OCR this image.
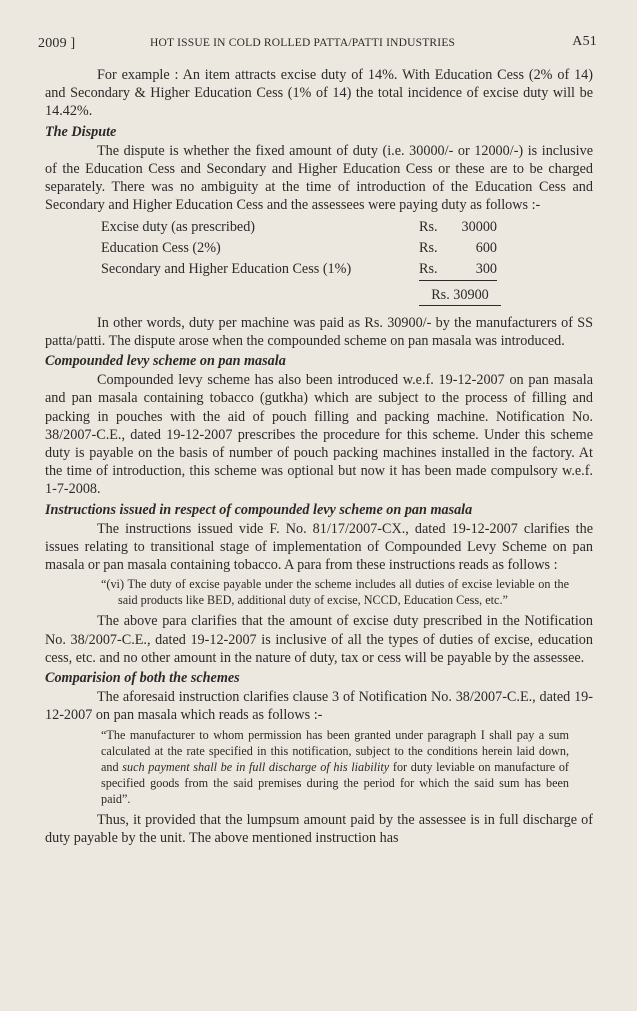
2009 ]	HOT ISSUE IN COLD ROLLED PATTA/PATTI INDUSTRIES	A51

For example : An item attracts excise duty of 14%. With Education Cess (2% of 14) and Secondary & Higher Education Cess (1% of 14) the total incidence of excise duty will be 14.42%.

The Dispute

The dispute is whether the fixed amount of duty (i.e. 30000/- or 12000/-) is inclusive of the Education Cess and Secondary and Higher Education Cess or these are to be charged separately. There was no ambiguity at the time of introduction of the Education Cess and Secondary and Higher Education Cess and the assessees were paying duty as follows :-

Excise duty (as prescribed)	Rs.	30000
Education Cess (2%)	Rs.	600
Secondary and Higher Education Cess (1%)	Rs.	300
Rs. 30900

In other words, duty per machine was paid as Rs. 30900/- by the manufacturers of SS patta/patti. The dispute arose when the compounded scheme on pan masala was introduced.

Compounded levy scheme on pan masala

Compounded levy scheme has also been introduced w.e.f. 19-12-2007 on pan masala and pan masala containing tobacco (gutkha) which are subject to the process of filling and packing in pouches with the aid of pouch filling and packing machine. Notification No. 38/2007-C.E., dated 19-12-2007 prescribes the procedure for this scheme. Under this scheme duty is payable on the basis of number of pouch packing machines installed in the factory. At the time of introduction, this scheme was optional but now it has been made compulsory w.e.f. 1-7-2008.

Instructions issued in respect of compounded levy scheme on pan masala

The instructions issued vide F. No. 81/17/2007-CX., dated 19-12-2007 clarifies the issues relating to transitional stage of implementation of Compounded Levy Scheme on pan masala or pan masala containing tobacco. A para from these instructions reads as follows :

“(vi) The duty of excise payable under the scheme includes all duties of excise leviable on the said products like BED, additional duty of excise, NCCD, Education Cess, etc.”

The above para clarifies that the amount of excise duty prescribed in the Notification No. 38/2007-C.E., dated 19-12-2007 is inclusive of all the types of duties of excise, education cess, etc. and no other amount in the nature of duty, tax or cess will be payable by the assessee.

Comparision of both the schemes

The aforesaid instruction clarifies clause 3 of Notification No. 38/2007-C.E., dated 19-12-2007 on pan masala which reads as follows :-

“The manufacturer to whom permission has been granted under paragraph I shall pay a sum calculated at the rate specified in this notification, subject to the conditions herein laid down, and such payment shall be in full discharge of his liability for duty leviable on manufacture of specified goods from the said premises during the period for which the said sum has been paid”.

Thus, it provided that the lumpsum amount paid by the assessee is in full discharge of duty payable by the unit. The above mentioned instruction has
